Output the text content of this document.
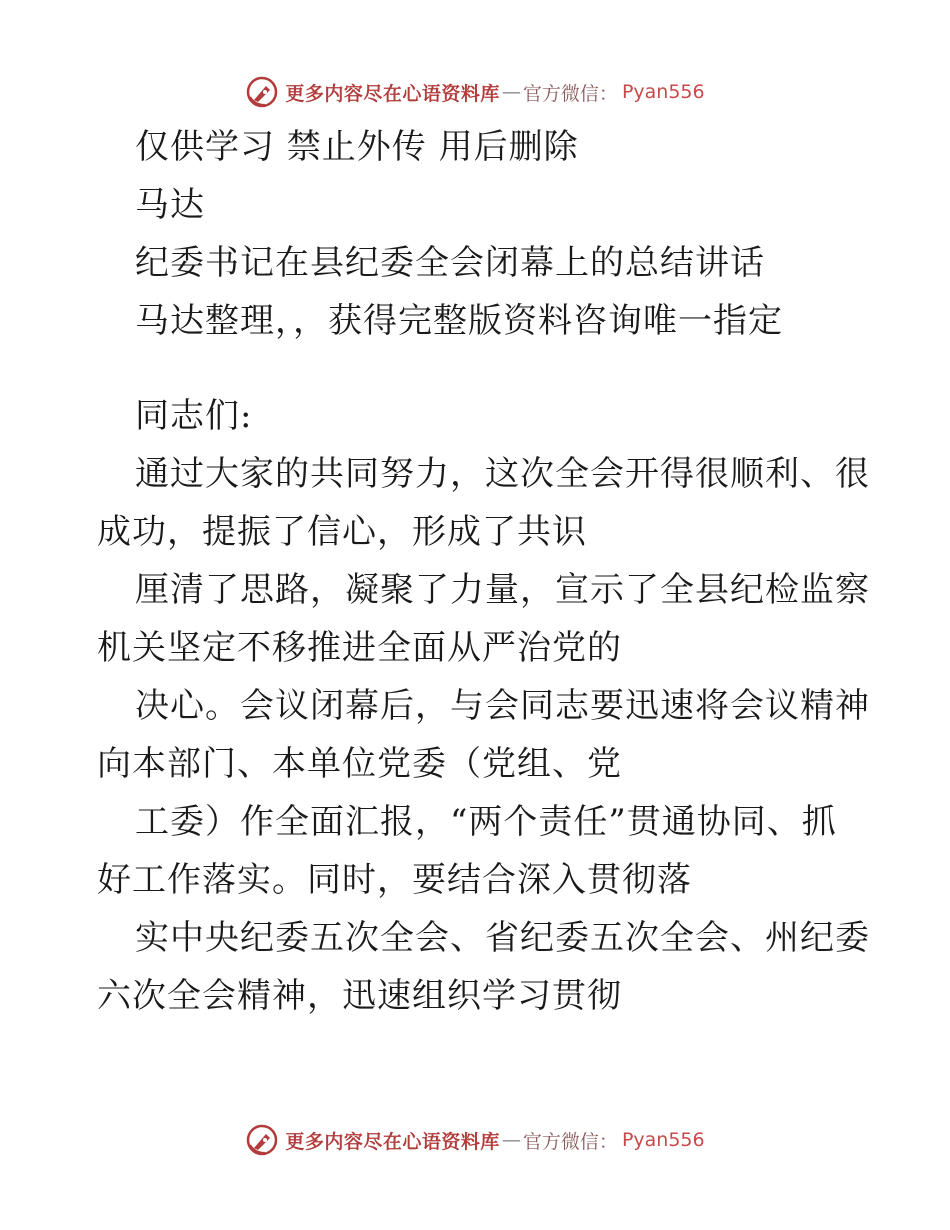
更多内容尽在心语资料库 — 官方微信： Pyan556
仅供学习 禁止外传 用后删除
马达
纪委书记在县纪委全会闭幕上的总结讲话
马达整理，，获得完整版资料咨询唯一指定
同志们:
通过大家的共同努力，这次全会开得很顺利、很
成功，提振了信心，形成了共识
厘清了思路，凝聚了力量，宣示了全县纪检监察
机关坚定不移推进全面从严治党的
决心。会议闭幕后，与会同志要迅速将会议精神
向本部门、本单位党委（党组、党
工委）作全面汇报，“两个责任”贯通协同、抓
好工作落实。同时，要结合深入贯彻落
实中央纪委五次全会、省纪委五次全会、州纪委
六次全会精神，迅速组织学习贯彻
更多内容尽在心语资料库 — 官方微信： Pyan556
